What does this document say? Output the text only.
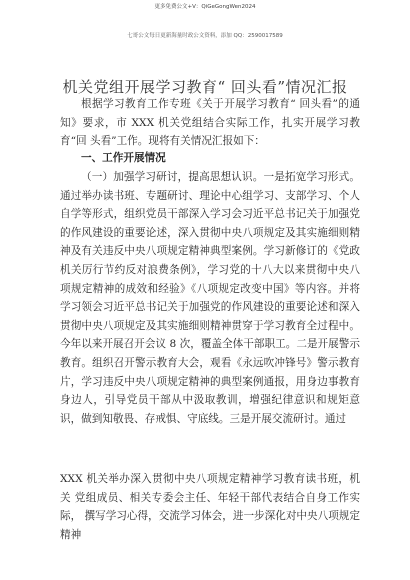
更多免费公文+V：QiGeGongWen2024
七哥公文每日更新海量时政公文资料，添加 QQ：2590017589
机关党组开展学习教育“ 回头看”情况汇报
根据学习教育工作专班《关于开展学习教育“ 回头看”的通知》要求，市 XXX 机关党组结合实际工作，扎实开展学习教育“回 头看”工作。现将有关情况汇报如下：
一、工作开展情况
（一）加强学习研讨，提高思想认识。一是拓宽学习形式。通过举办读书班、专题研讨、理论中心组学习、支部学习、个人自学等形式，组织党员干部深入学习会习近平总书记关于加强党的作风建设的重要论述，深入贯彻中央八项规定及其实施细则精神及有关违反中央八项规定精神典型案例。学习新修订的《党政机关厉行节约反对浪费条例》，学习党的十八大以来贯彻中央八项规定精神的成效和经验》《八项规定改变中国》等内容。并将学习领会习近平总书记关于加强党的作风建设的重要论述和深入贯彻中央八项规定及其实施细则精神贯穿于学习教育全过程中。今年以来开展召开会议 8 次，覆盖全体干部职工。二是开展警示教育。组织召开警示教育大会，观看《永远吹冲锋号》警示教育片，学习违反中央八项规定精神的典型案例通报，用身边事教育身边人，引导党员干部从中汲取教训，增强纪律意识和规矩意识，做到知敬畏、存戒惧、守底线。三是开展交流研讨。通过
XXX 机关举办深入贯彻中央八项规定精神学习教育读书班，机关 党组成员、相关专委会主任、年轻干部代表结合自身工作实际， 撰写学习心得，交流学习体会，进一步深化对中央八项规定精神
